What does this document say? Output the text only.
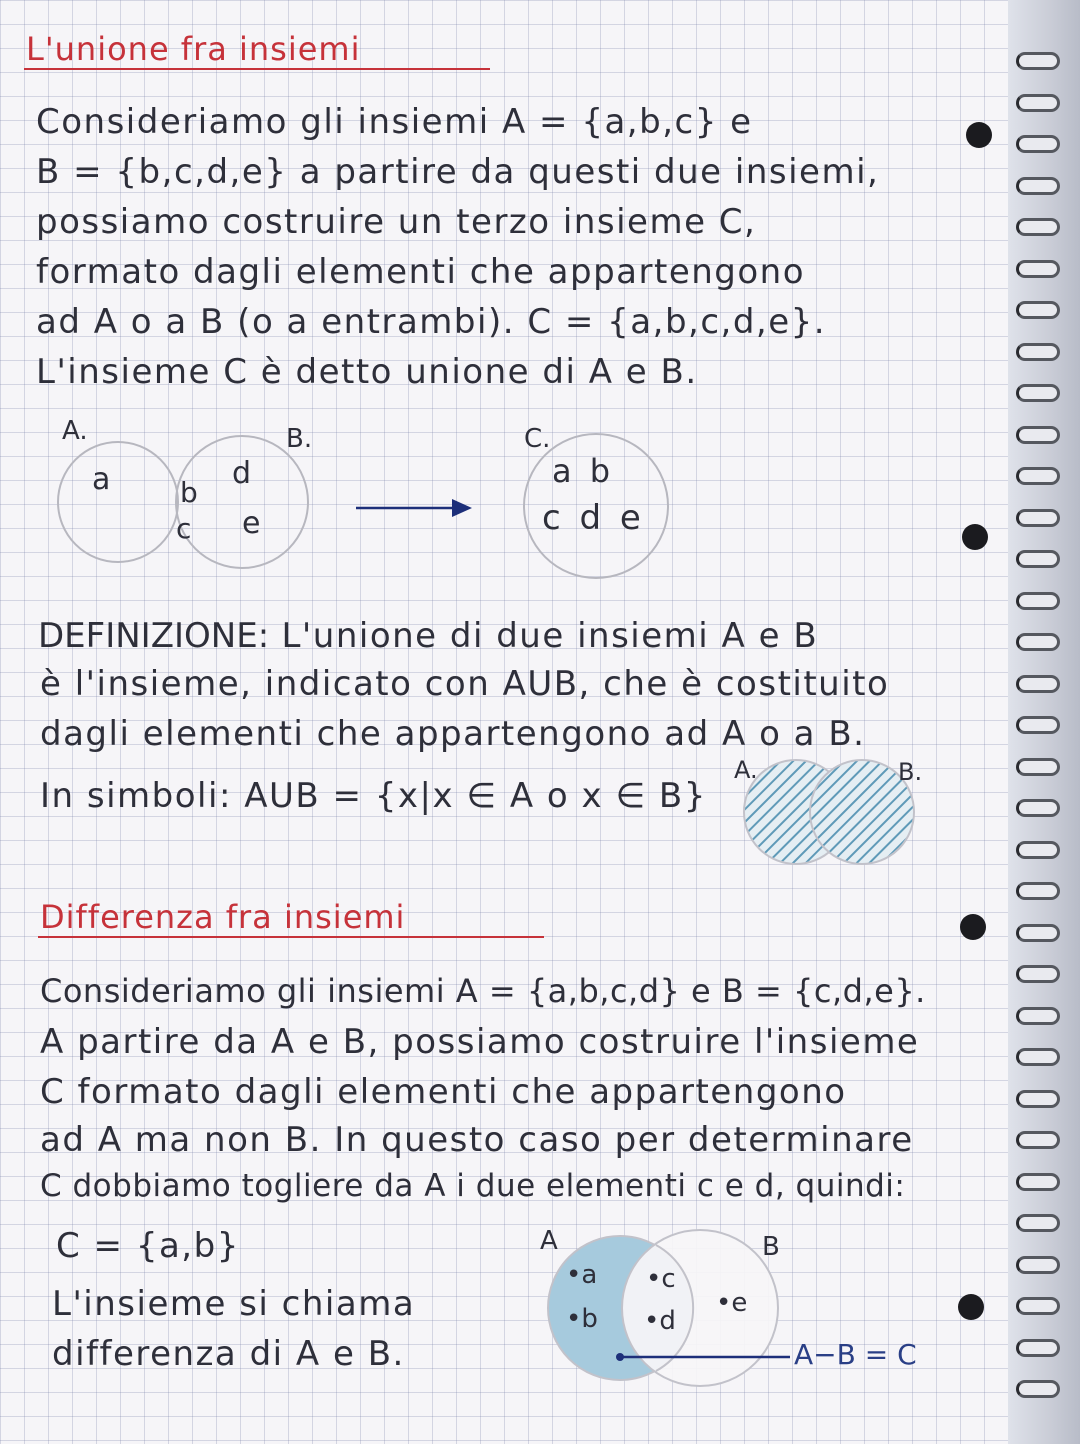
L'unione fra insiemi
Consideriamo gli insiemi A = {a,b,c} e
B = {b,c,d,e} a partire da questi due insiemi,
possiamo costruire un terzo insieme C,
formato dagli elementi che appartengono
ad A o a B (o a entrambi). C = {a,b,c,d,e}.
L'insieme C è detto unione di A e B.
A.	B.	C.
a b
c
d
e
a b
c d e
DEFINIZIONE: L'unione di due insiemi A e B
è l'insieme, indicato con AUB, che è costituito
dagli elementi che appartengono ad A o a B.
In simboli: AUB = {x|x ∈ A o x ∈ B}
A.	B.
Differenza fra insiemi
Consideriamo gli insiemi A = {a,b,c,d} e B = {c,d,e}.
A partire da A e B, possiamo costruire l'insieme
C formato dagli elementi che appartengono
ad A ma non B. In questo caso per determinare
C dobbiamo togliere da A i due elementi c e d, quindi:
C = {a,b}
L'insieme si chiama
differenza di A e B.
A	B
•a
•b
•c
•d
•e
A−B = C
